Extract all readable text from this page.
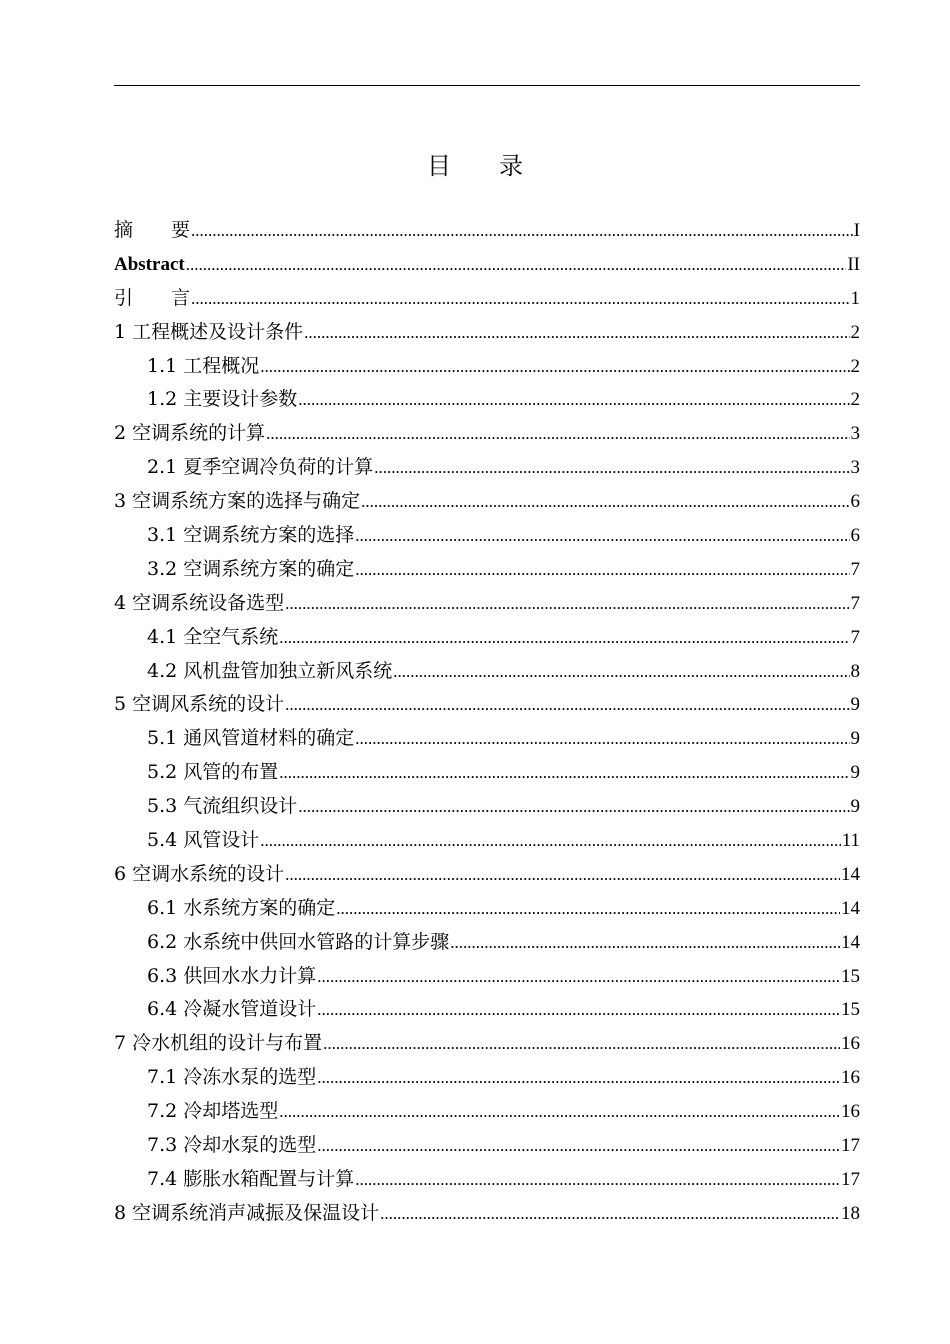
目　　录
摘　　要 .....	I
Abstract .....	II
引　　言 .....	1
1 工程概述及设计条件 .....	2
1.1 工程概况 .....	2
1.2 主要设计参数 .....	2
2 空调系统的计算 .....	3
2.1 夏季空调冷负荷的计算 .....	3
3 空调系统方案的选择与确定 .....	6
3.1 空调系统方案的选择 .....	6
3.2 空调系统方案的确定 .....	7
4 空调系统设备选型 .....	7
4.1 全空气系统 .....	7
4.2 风机盘管加独立新风系统 .....	8
5 空调风系统的设计 .....	9
5.1 通风管道材料的确定 .....	9
5.2 风管的布置 .....	9
5.3 气流组织设计 .....	9
5.4 风管设计 .....	11
6 空调水系统的设计 .....	14
6.1 水系统方案的确定 .....	14
6.2 水系统中供回水管路的计算步骤 .....	14
6.3 供回水水力计算 .....	15
6.4 冷凝水管道设计 .....	15
7 冷水机组的设计与布置 .....	16
7.1 冷冻水泵的选型 .....	16
7.2 冷却塔选型 .....	16
7.3 冷却水泵的选型 .....	17
7.4 膨胀水箱配置与计算 .....	17
8 空调系统消声减振及保温设计 .....	18
